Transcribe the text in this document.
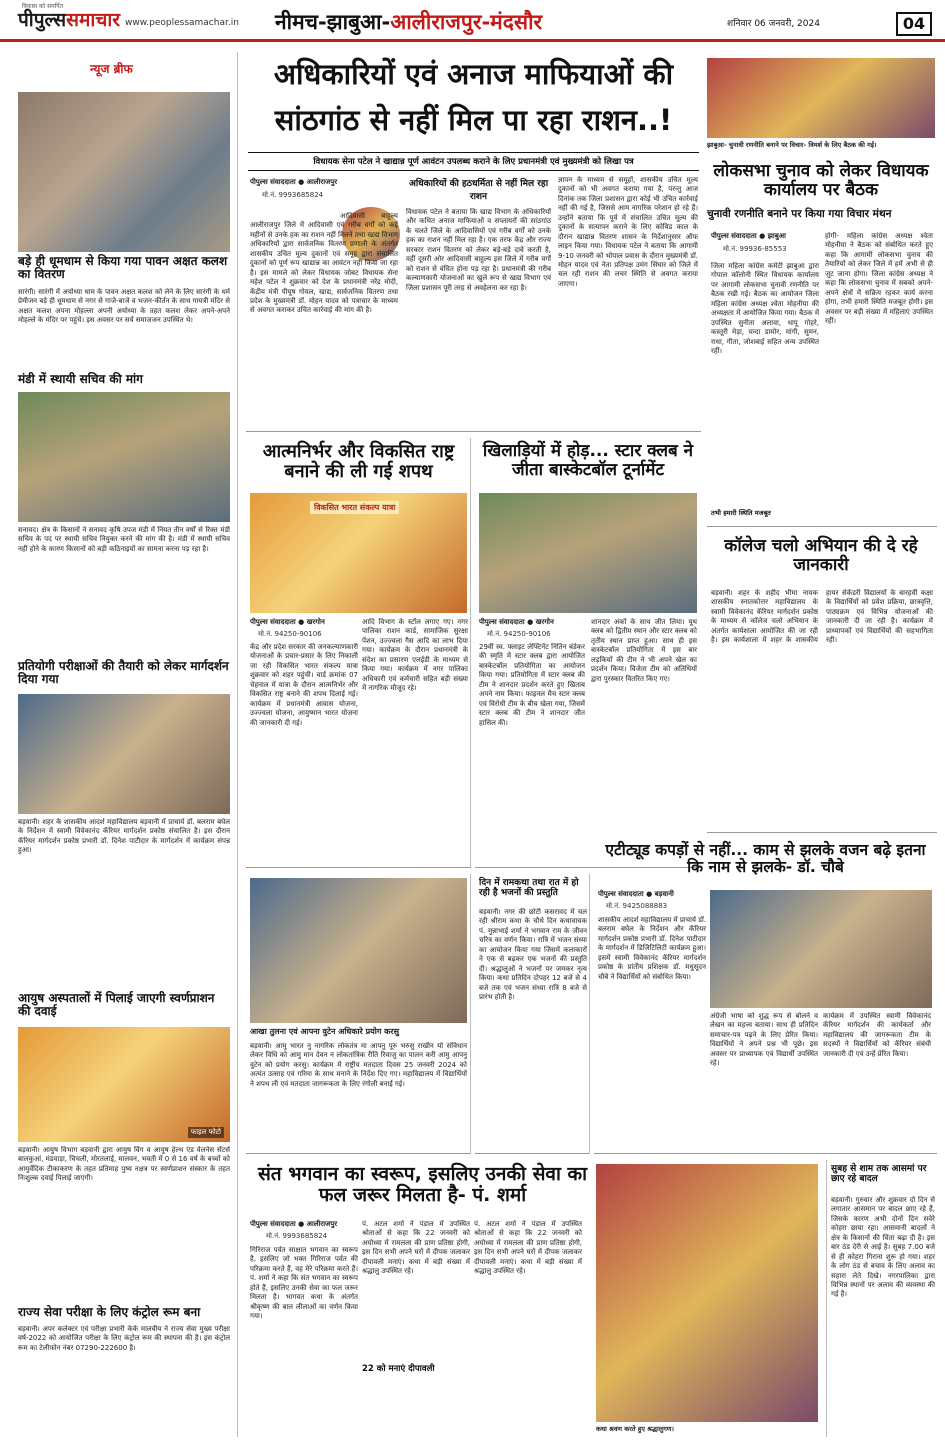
विकास को समर्पित
पीपुल्ससमाचार www.peoplessamachar.in नीमच-झाबुआ-आलीराजपुर-मंदसौर	शनिवार 06 जनवरी, 2024	04
न्यूज ब्रीफ
बड़े ही धूमधाम से किया गया पावन अक्षत कलश का वितरण
सारंगी। सारंगी में अयोध्या धाम के पावन अक्षत कलश को लेने के लिए सारंगी के धर्म प्रेमीजन बड़े ही धूमधाम से नगर से गाजे-बाजे व भजन-कीर्तन के साथ गायत्री मंदिर से अक्षत कलश अपना मोहल्ला अपनी अयोध्या के तहत कलश लेकर अपने-अपने मोहल्ले के मंदिर पर पहुंचे। इस अवसर पर सर्व समाजजन उपस्थित थे।
मंडी में स्थायी सचिव की मांग
सनावद। क्षेत्र के किसानों ने सनावद कृषि उपज मंडी में नियत तीन वर्षों से रिक्त मंडी सचिव के पद पर स्थायी सचिव नियुक्त करने की मांग की है। मंडी में स्थायी सचिव नहीं होने के कारण किसानों को बड़ी कठिनाइयों का सामना करना पड़ रहा है।
प्रतियोगी परीक्षाओं की तैयारी को लेकर मार्गदर्शन दिया गया
बड़वानी। शहर के शासकीय आदर्श महाविद्यालय बड़वानी में प्राचार्य डॉ. बलराम बघेल के निर्देशन में स्वामी विवेकानंद कॅरियर मार्गदर्शन प्रकोष्ठ संचालित है। इस दौरान कॅरियर मार्गदर्शन प्रकोष्ठ प्रभारी डॉ. दिनेश पाटीदार के मार्गदर्शन में कार्यक्रम संपन्न हुआ।
आयुष अस्पतालों में पिलाई जाएगी स्वर्णप्राशन की दवाई
फाइल फोटो
बड़वानी। आयुष विभाग बड़वानी द्वारा आयुष विंग व आयुष हेल्थ एंड वेलनेस सेंटर्स बालकुआं, मंडवाड़ा, चिचली, मोरतलाई, मालवन, भवती में 0 से 16 वर्ष के बच्चों को आयुर्वेदिक टीकाकरण के तहत प्रतिमाह पुष्य नक्षत्र पर स्वर्णप्राशन संस्कार के तहत निःशुल्क दवाई पिलाई जाएगी।
राज्य सेवा परीक्षा के लिए कंट्रोल रूम बना
बड़वानी। अपर कलेक्टर एवं परीक्षा प्रभारी केके मालवीय ने राज्य सेवा मुख्य परीक्षा वर्ष-2022 को आयोजित परीक्षा के लिए कंट्रोल रूम की स्थापना की है। इस कंट्रोल रूम का टेलीफोन नंबर 07290-222600 है।
अधिकारियों एवं अनाज माफियाओं की
सांठगांठ से नहीं मिल पा रहा राशन..!
विधायक सेना पटेल ने खाद्यान्न पूर्ण आवंटन उपलब्ध कराने के लिए प्रधानमंत्री एवं मुख्यमंत्री को लिखा पत्र
पीपुल्स संवाददाता ● आलीराजपुर
मो.नं. 9993685824
आदिवासी बाहुल्य आलीराजपुर जिले में आदिवासी एवं गरीब वर्गों को कई महीनों से उनके हक का राशन नहीं मिलने तथा खाद्य विभाग अधिकारियों द्वारा सार्वजनिक वितरण प्रणाली के अंतर्गत शासकीय उचित मूल्य दुकानों एवं समूह द्वारा संचालित दुकानों को पूर्ण रूप खाद्यान्न का आवंटन नहीं किया जा रहा है। इस मामले को लेकर विधायक जोबट विधायक सेना महेश पटेल ने शुक्रवार को देश के प्रधानमंत्री नरेंद्र मोदी, केंद्रीय मंत्री पीयूष गोयल, खाद्य, सार्वजनिक वितरण तथा प्रदेश के मुख्यमंत्री डॉ. मोहन यादव को पत्राचार के माध्यम से अवगत कराकर उचित कार्रवाई की मांग की है।
अधिकारियों की हठधर्मिता से नहीं मिल रहा राशन
विधायक पटेल ने बताया कि खाद्य विभाग के अधिकारियों और कथित अनाज माफियाओं व सप्लायरों की सांठगांठ के चलते जिले के आदिवासियों एवं गरीब वर्गों को उनके हक का राशन नहीं मिल रहा है। एक तरफ केंद्र और राज्य सरकार राशन वितरण को लेकर बड़े-बड़े दावे करती है, वहीं दूसरी ओर आदिवासी बाहुल्य इस जिले में गरीब वर्गों को राशन से वंचित होना पड़ रहा है। प्रधानमंत्री की गरीब कल्याणकारी योजनाओं का खुले रूप से खाद्य विभाग एवं जिला प्रशासन पूरी तरह से अवहेलना कर रहा है।
ज्ञापन के माध्यम से समूहों, शासकीय उचित मूल्य दुकानों को भी अवगत कराया गया है, परन्तु आज दिनांक तक जिला प्रशासन द्वारा कोई भी उचित कार्रवाई नहीं की गई है, जिससे आम नागरिक परेशान हो रहे हैं। उन्होंने बताया कि पूर्व में संचालित उचित मूल्य की दुकानों के सत्यापन कराने के लिए कोविड काल के दौरान खाद्यान्न वितरण शासन के निर्देशानुसार ऑफ लाइन किया गया। विधायक पटेल ने बताया कि आगामी 9-10 जनवरी को भोपाल प्रवास के दौरान मुख्यमंत्री डॉ. मोहन यादव एवं नेता प्रतिपक्ष उमंग सिंघार को जिले में चल रही राशन की लचर स्थिति से अवगत कराया जाएगा।
झाबुआ- चुनावी रणनीति बनाने पर विचार- विमर्श के लिए बैठक की गई।
लोकसभा चुनाव को लेकर विधायक कार्यालय पर बैठक
चुनावी रणनीति बनाने पर किया गया विचार मंथन
पीपुल्स संवाददाता ● झाबुआ
मो.नं. 99936-85553
जिला महिला कांग्रेस कमेटी झाबुआ द्वारा गोपाल कॉलोनी स्थित विधायक कार्यालय पर आगामी लोकसभा चुनावी रणनीति पर बैठक रखी गई। बैठक का आयोजन जिला महिला कांग्रेस अध्यक्ष श्वेता मोहनीया की अध्यक्षता में आयोजित किया गया। बैठक में उपस्थित सुनीता अलावा, धापू गोहरे, कस्तूरी मेड़ा, चन्दा डामोर, मांगी, सुमन, राधा, गीता, जोशबाई सहित अन्य उपस्थित रहीं।
तभी हमारी स्थिति मजबूत
होगी- महिला कांग्रेस अध्यक्ष श्वेता मोहनीया ने बैठक को संबोधित करते हुए कहा कि आगामी लोकसभा चुनाव की तैयारियों को लेकर जिले में हमें अभी से ही जुट जाना होगा। जिला कांग्रेस अध्यक्ष ने कहा कि लोकसभा चुनाव में सबको अपने-अपने क्षेत्रों में सक्रिय रहकर कार्य करना होगा, तभी हमारी स्थिति मजबूत होगी। इस अवसर पर बड़ी संख्या में महिलाएं उपस्थित रहीं।
आत्मनिर्भर और विकसित राष्ट्र बनाने की ली गई शपथ
विकसित भारत संकल्प यात्रा
पीपुल्स संवाददाता ● खरगोन
मो.नं. 94250-90106
केंद्र और प्रदेश सरकार की जनकल्याणकारी योजनाओं के प्रचार-प्रसार के लिए निकाली जा रही विकसित भारत संकल्प यात्रा शुक्रवार को शहर पहुंची। वार्ड क्रमांक 07 चेहनाल में यात्रा के दौरान आत्मनिर्भर और विकसित राष्ट्र बनाने की शपथ दिलाई गई। कार्यक्रम में प्रधानमंत्री आवास योजना, उज्ज्वला योजना, आयुष्मान भारत योजना की जानकारी दी गई।
आदि विभाग के स्टॉल लगाए गए। नगर पालिका राशन कार्ड, सामाजिक सुरक्षा पेंशन, उज्ज्वला गैस आदि का लाभ दिया गया। कार्यक्रम के दौरान प्रधानमंत्री के संदेश का प्रसारण एलईडी के माध्यम से किया गया। कार्यक्रम में नगर पालिका अधिकारी एवं कर्मचारी सहित बड़ी संख्या में नागरिक मौजूद रहे।
खिलाड़ियों में होड़... स्टार क्लब ने जीता बास्केटबॉल टूर्नामेंट
पीपुल्स संवाददाता ● खरगोन
मो.नं. 94250-90106
29वीं स्व. फ्लाइट लेफ्टिनेंट नितिन बंडेकर की स्मृति में स्टार क्लब द्वारा आयोजित बास्केटबॉल प्रतियोगिता का आयोजन किया गया। प्रतियोगिता में स्टार क्लब की टीम ने शानदार प्रदर्शन करते हुए खिताब अपने नाम किया। फाइनल मैच स्टार क्लब एवं विरोधी टीम के बीच खेला गया, जिसमें स्टार क्लब की टीम ने शानदार जीत हासिल की।
शानदार अंकों के साथ जीत लिया। यूथ क्लब को द्वितीय स्थान और स्टार क्लब को तृतीय स्थान प्राप्त हुआ। साथ ही इस बास्केटबॉल प्रतियोगिता में इस बार लड़कियों की टीम ने भी अपने खेल का प्रदर्शन किया। विजेता टीम को अतिथियों द्वारा पुरस्कार वितरित किए गए।
कॉलेज चलो अभियान की दे रहे जानकारी
बड़वानी। शहर के शहीद भीमा नायक शासकीय स्नातकोत्तर महाविद्यालय के स्वामी विवेकानंद कॅरियर मार्गदर्शन प्रकोष्ठ के माध्यम से कॉलेज चलो अभियान के अंतर्गत कार्यशाला आयोजित की जा रही है। इस कार्यशाला में शहर के शासकीय हायर सेकेंडरी विद्यालयों के बारहवीं कक्षा के विद्यार्थियों को प्रवेश प्रक्रिया, छात्रवृत्ति, पाठ्यक्रम एवं विभिन्न योजनाओं की जानकारी दी जा रही है। कार्यक्रम में प्राध्यापकों एवं विद्यार्थियों की सहभागिता रही।
आखा तुलना एवं आपना वुटेन अधिकारे प्रयोग करसु
बड़वानी। आमु भारत नु नागरिक लोकतंत्र मा आपनु पूरु भरुसु राखीन यो संविधान लेकर विधि को आमु मान देवन न लोकतांत्रिक रीति रिवाजु का पालन करी आमु आपनु वुटेन को प्रयोग करसु। कार्यक्रम में राष्ट्रीय मतदाता दिवस 25 जनवरी 2024 को अत्यंत उत्साह एवं गरिमा के साथ मनाने के निर्देश दिए गए। महाविद्यालय में विद्यार्थियों ने शपथ ली एवं मतदाता जागरूकता के लिए रंगोली बनाई गई।
दिन में रामकथा तथा रात में हो रही है भजनों की प्रस्तुति
बड़वानी। नगर की छोटी कसरावद में चल रही श्रीराम कथा के चौथे दिन कथावाचक पं. मुन्नाभाई शर्मा ने भगवान राम के जीवन चरित्र का वर्णन किया। रात्रि में भजन संध्या का आयोजन किया गया जिसमें कलाकारों ने एक से बढ़कर एक भजनों की प्रस्तुति दी। श्रद्धालुओं ने भजनों पर जमकर नृत्य किया। कथा प्रतिदिन दोपहर 12 बजे से 4 बजे तक एवं भजन संध्या रात्रि 8 बजे से प्रारंभ होती है।
एटीट्यूड कपड़ों से नहीं... काम से झलके वजन बढ़े इतना कि नाम से झलके- डॉ. चौबे
पीपुल्स संवाददाता ● बड़वानी
मो.नं. 9425088883
शासकीय आदर्श महाविद्यालय में प्राचार्य डॉ. बलराम बघेल के निर्देशन और कॅरियर मार्गदर्शन प्रकोष्ठ प्रभारी डॉ. दिनेश पाटीदार के मार्गदर्शन में डिजिटिलिटी कार्यक्रम हुआ। इसमें स्वामी विवेकानंद कॅरियर मार्गदर्शन प्रकोष्ठ के प्रांतीय प्रशिक्षक डॉ. मधुसूदन चौबे ने विद्यार्थियों को संबोधित किया।
अंग्रेजी भाषा को शुद्ध रूप से बोलने व लेखन का महत्त्व बताया। साथ ही प्रतिदिन समाचार-पत्र पढ़ने के लिए प्रेरित किया। विद्यार्थियों ने अपने प्रश्न भी पूछे। इस अवसर पर प्राध्यापक एवं विद्यार्थी उपस्थित रहे।
कार्यक्रम में उपस्थित स्वामी विवेकानंद कॅरियर मार्गदर्शन की कार्यकर्ता और महाविद्यालय की जागरूकता टीम के सदस्यों ने विद्यार्थियों को कॅरियर संबंधी जानकारी दी एवं उन्हें प्रेरित किया।
संत भगवान का स्वरूप, इसलिए उनकी सेवा का फल जरूर मिलता है- पं. शर्मा
पीपुल्स संवाददाता ● आलीराजपुर
मो.नं. 9993685824
गिरिराज पर्वत साक्षात भगवान का स्वरूप है, इसलिए जो भक्त गिरिराज पर्वत की परिक्रमा करते हैं, वह मेरे परिक्रमा करते हैं। पं. शर्मा ने कहा कि संत भगवान का स्वरूप होते हैं, इसलिए उनकी सेवा का फल जरूर मिलता है। भागवत कथा के अंतर्गत श्रीकृष्ण की बाल लीलाओं का वर्णन किया गया।
पं. अटल शर्मा ने पंडाल में उपस्थित श्रोताओं से कहा कि 22 जनवरी को अयोध्या में रामलला की प्राण प्रतिष्ठा होगी, इस दिन सभी अपने घरों में दीपक जलाकर दीपावली मनाएं। कथा में बड़ी संख्या में श्रद्धालु उपस्थित रहे।
22 को मनाएं दीपावली
पं. अटल शर्मा ने पंडाल में उपस्थित श्रोताओं से कहा कि 22 जनवरी को अयोध्या में रामलला की प्राण प्रतिष्ठा होगी, इस दिन सभी अपने घरों में दीपक जलाकर दीपावली मनाएं। कथा में बड़ी संख्या में श्रद्धालु उपस्थित रहे।
कथा श्रवण करते हुए श्रद्धालुगण।
सुबह से शाम तक आसमां पर छाए रहे बादल
बड़वानी। गुरुवार और शुक्रवार दो दिन से लगातार आसमान पर बादल छाए रहे हैं, जिसके कारण अभी दोनों दिन सवेरे कोहरा छाया रहा। आसमानी बादलों ने क्षेत्र के किसानों की चिंता बढ़ा दी है। इस बार ठंड देरी से आई है। सुबह 7.00 बजे से ही कोहरा गिराना शुरू हो गया। शहर के लोग ठंड से बचाव के लिए अलाव का सहारा लेते दिखे। नगरपालिका द्वारा विभिन्न स्थानों पर अलाव की व्यवस्था की गई है।
